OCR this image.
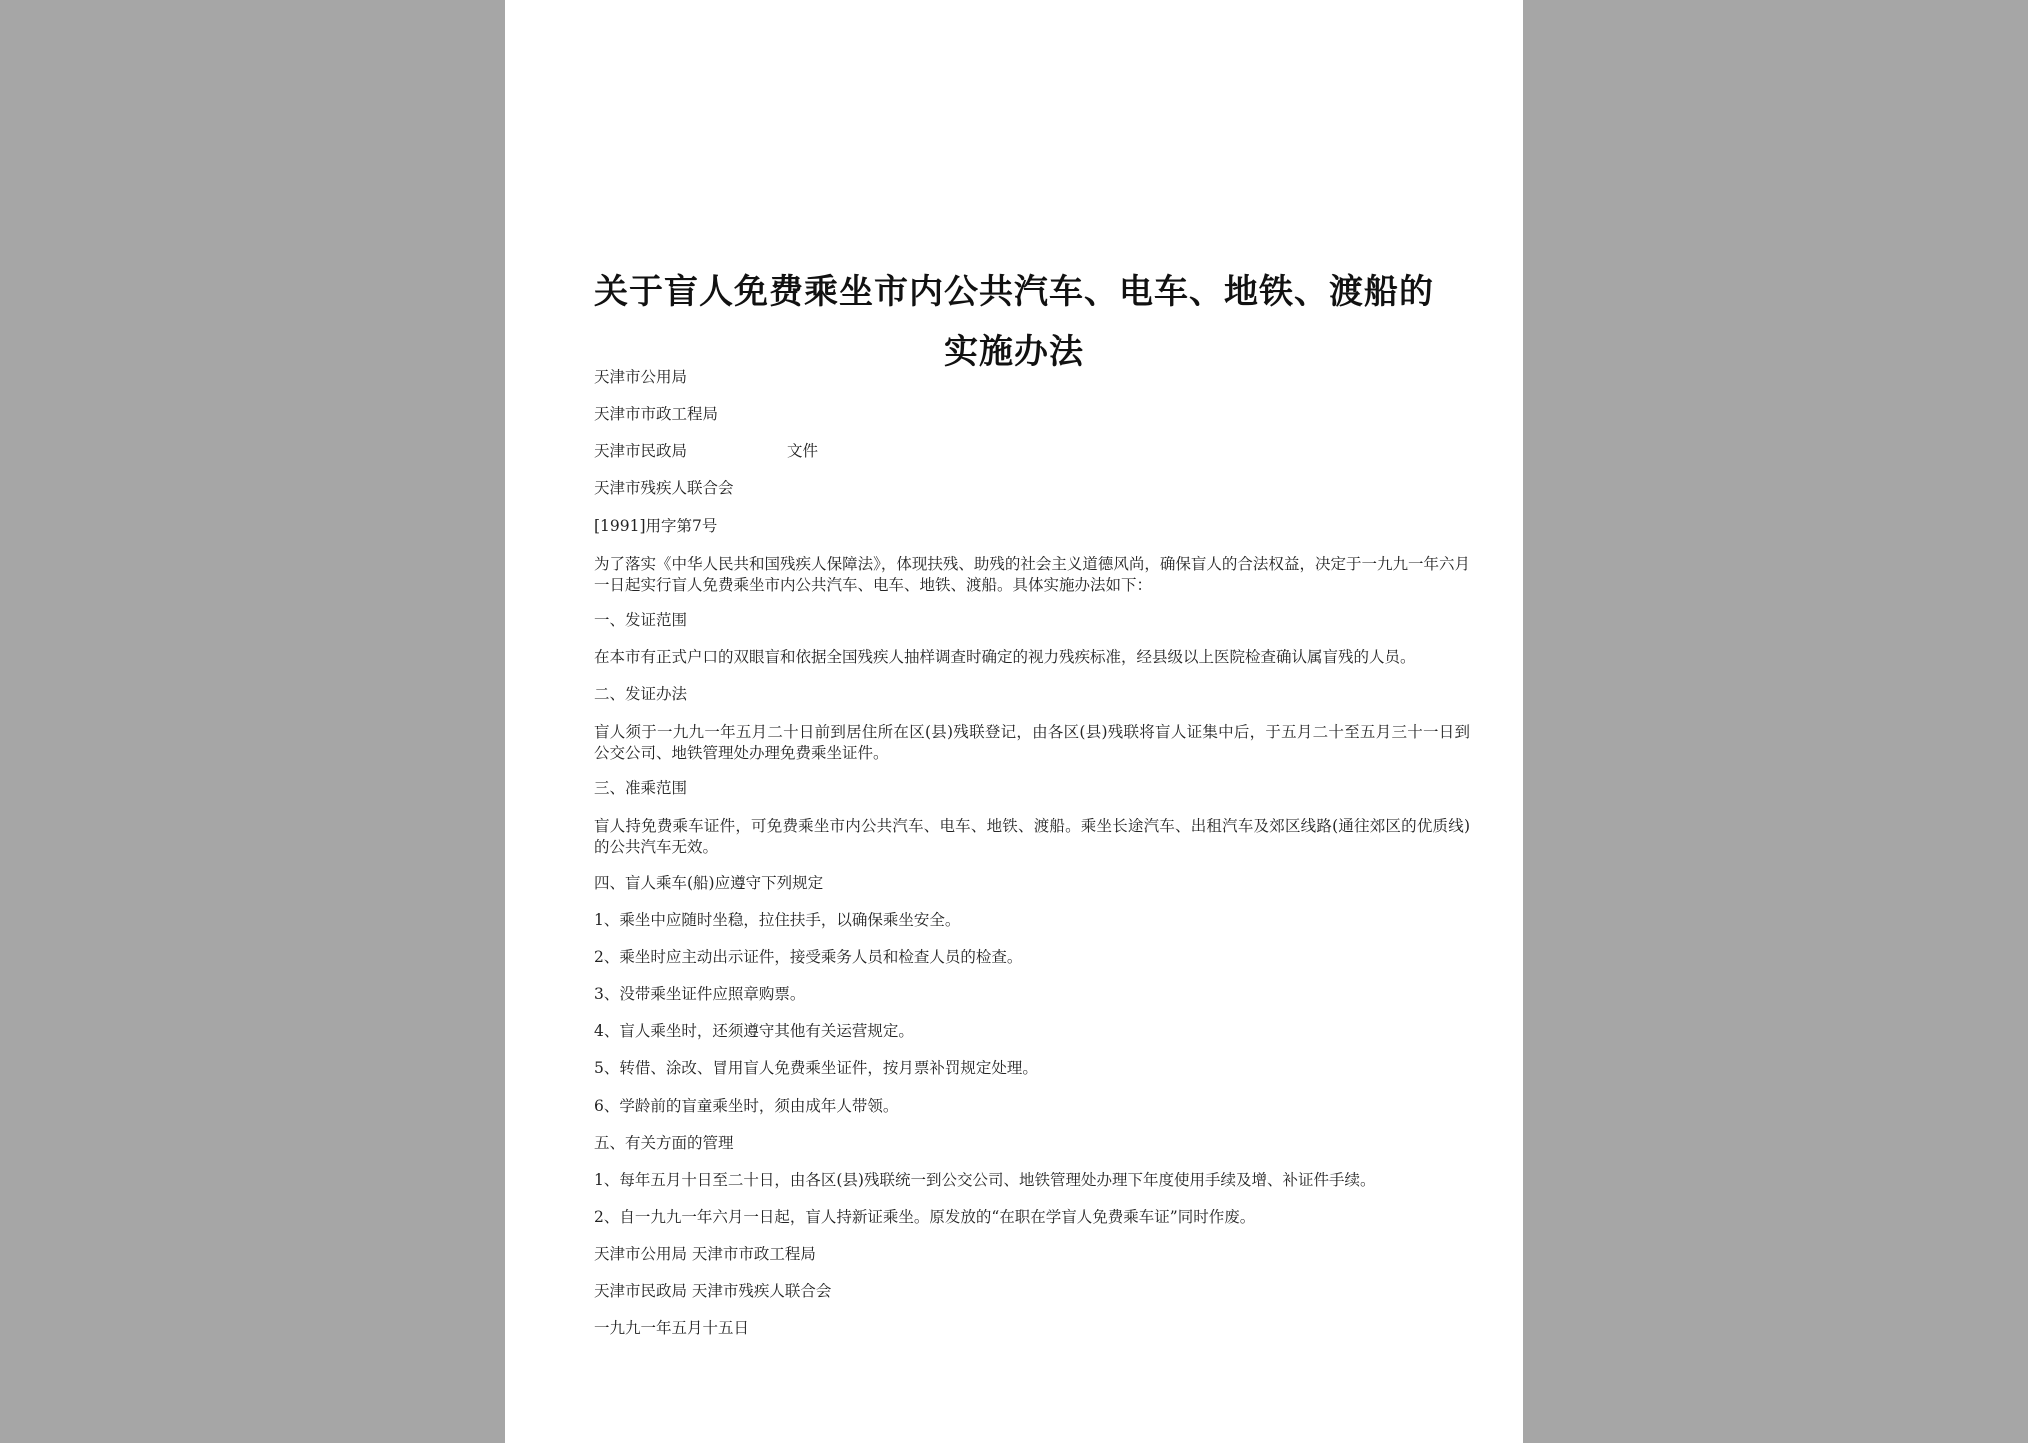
关于盲人免费乘坐市内公共汽车、电车、地铁、渡船的
实施办法
天津市公用局
天津市市政工程局
天津市民政局	文件
天津市残疾人联合会
[1991]用字第7号
为了落实《中华人民共和国残疾人保障法》，体现扶残、助残的社会主义道德风尚，确保盲人的合法权益，决定于一九九一年六月一日起实行盲人免费乘坐市内公共汽车、电车、地铁、渡船。具体实施办法如下：
一、发证范围
在本市有正式户口的双眼盲和依据全国残疾人抽样调查时确定的视力残疾标准，经县级以上医院检查确认属盲残的人员。
二、发证办法
盲人须于一九九一年五月二十日前到居住所在区(县)残联登记，由各区(县)残联将盲人证集中后，于五月二十至五月三十一日到公交公司、地铁管理处办理免费乘坐证件。
三、准乘范围
盲人持免费乘车证件，可免费乘坐市内公共汽车、电车、地铁、渡船。乘坐长途汽车、出租汽车及郊区线路(通往郊区的优质线)的公共汽车无效。
四、盲人乘车(船)应遵守下列规定
1、乘坐中应随时坐稳，拉住扶手，以确保乘坐安全。
2、乘坐时应主动出示证件，接受乘务人员和检查人员的检查。
3、没带乘坐证件应照章购票。
4、盲人乘坐时，还须遵守其他有关运营规定。
5、转借、涂改、冒用盲人免费乘坐证件，按月票补罚规定处理。
6、学龄前的盲童乘坐时，须由成年人带领。
五、有关方面的管理
1、每年五月十日至二十日，由各区(县)残联统一到公交公司、地铁管理处办理下年度使用手续及增、补证件手续。
2、自一九九一年六月一日起，盲人持新证乘坐。原发放的“在职在学盲人免费乘车证”同时作废。
天津市公用局 天津市市政工程局
天津市民政局 天津市残疾人联合会
一九九一年五月十五日
